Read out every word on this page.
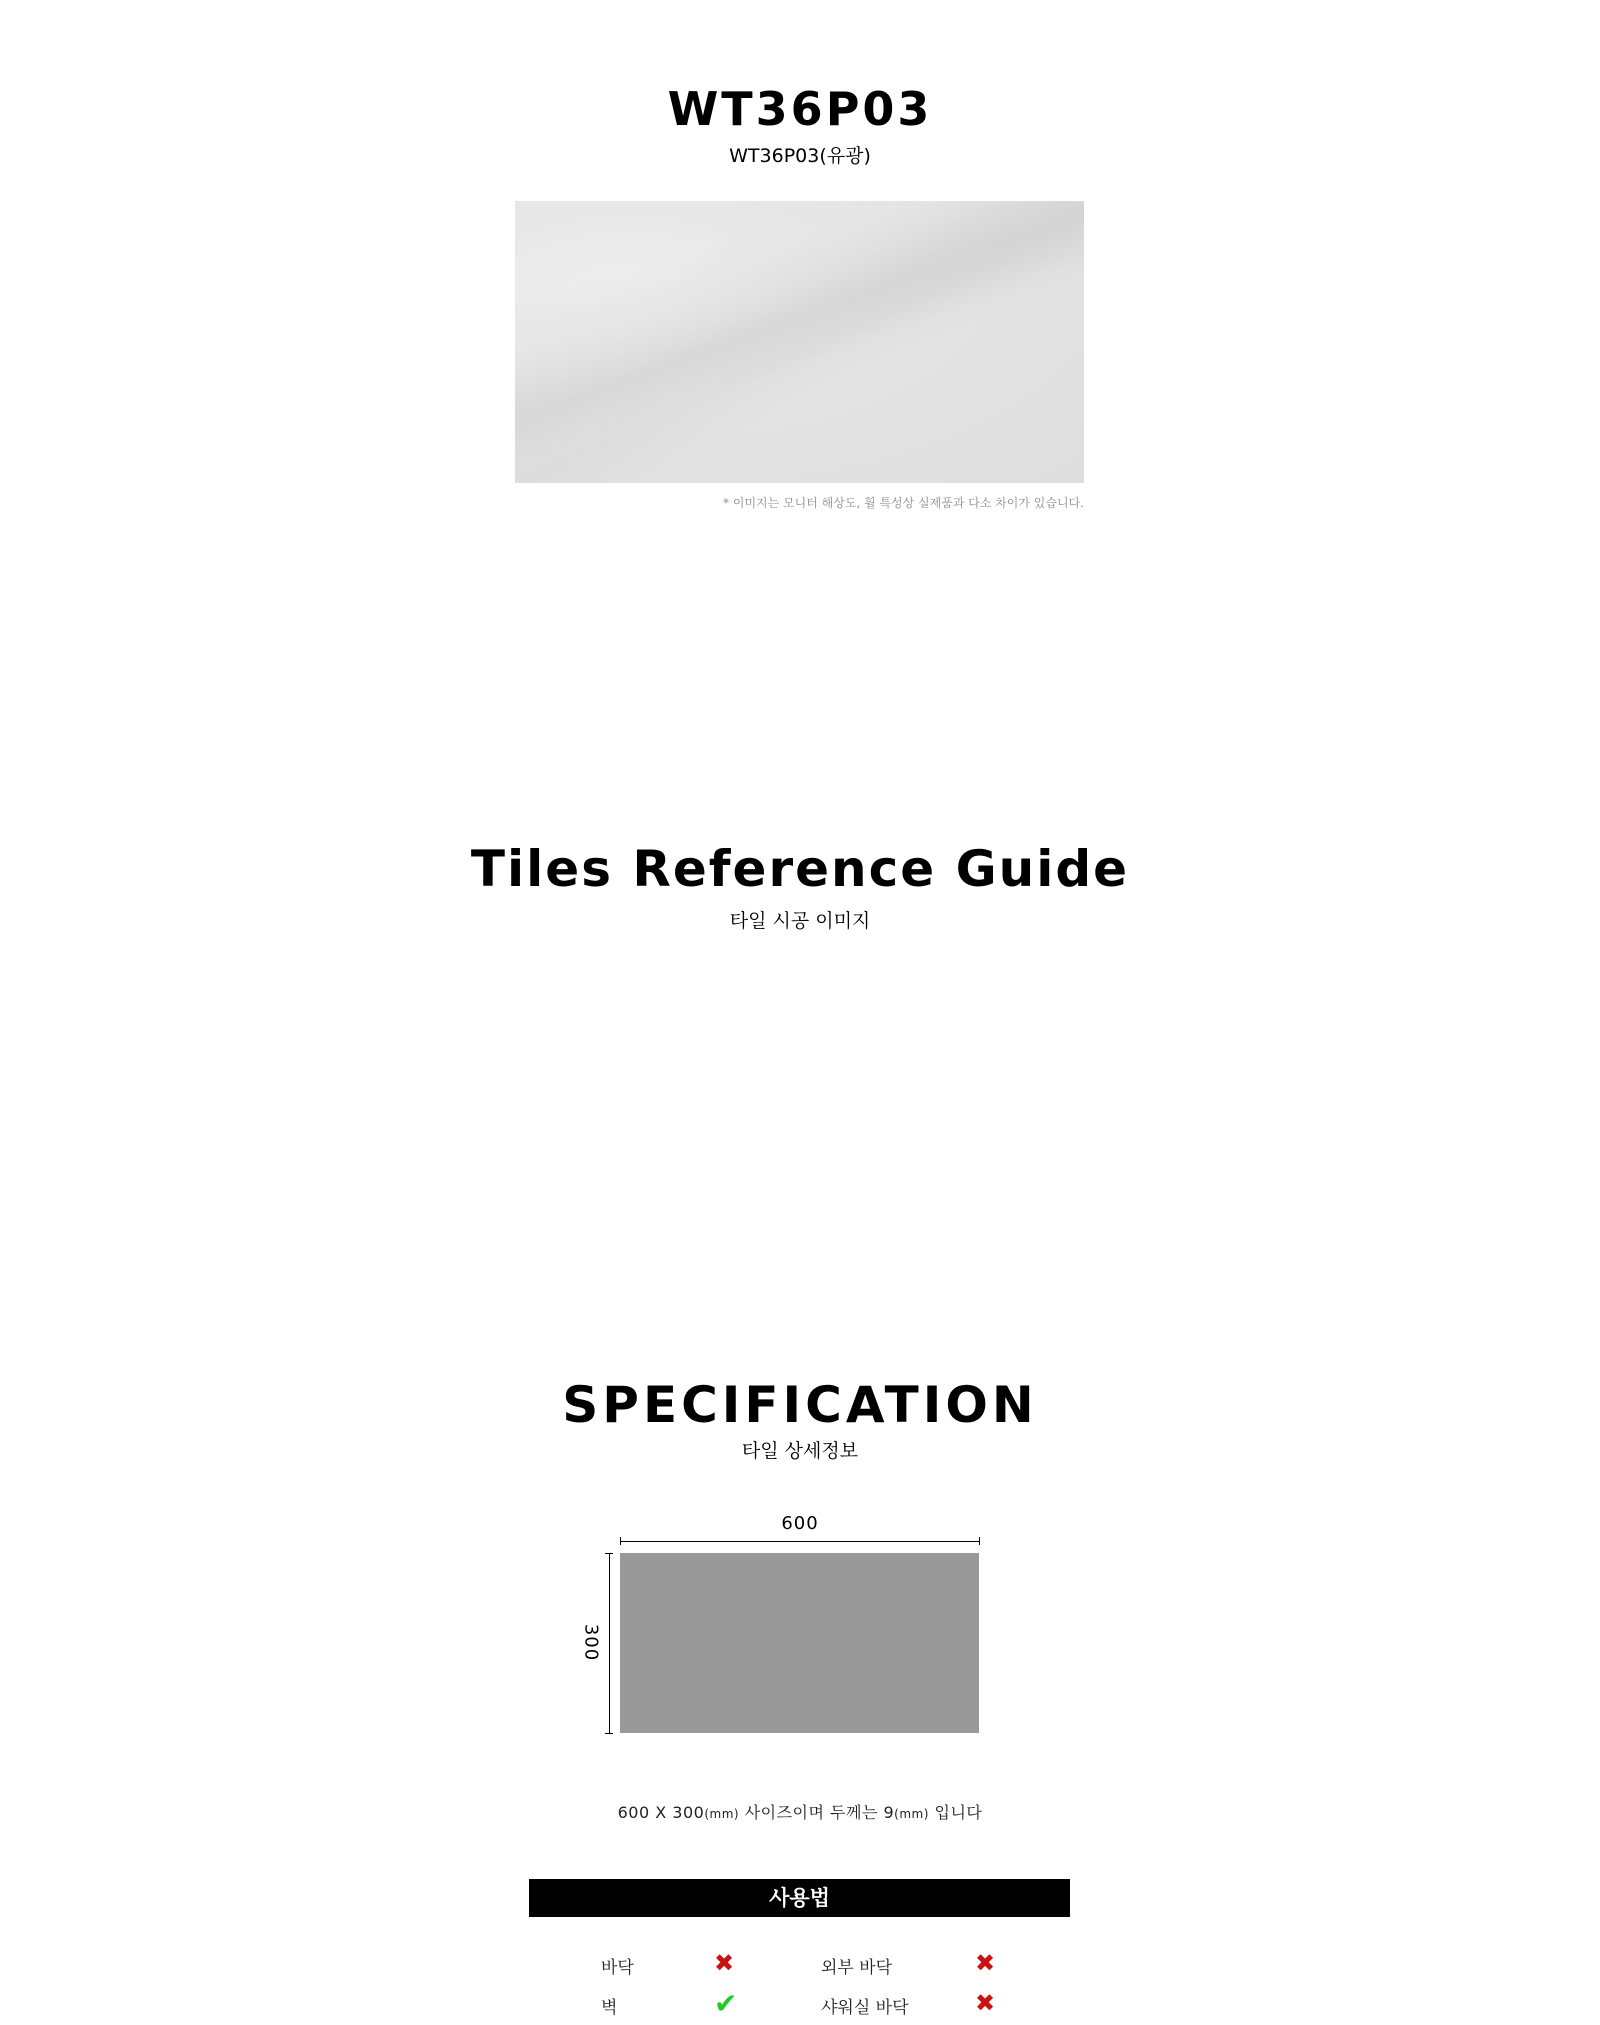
WT36P03
WT36P03(유광)
* 이미지는 모니터 해상도, 휠 특성상 실제품과 다소 차이가 있습니다.
Tiles Reference Guide
타일 시공 이미지
SPECIFICATION
타일 상세정보
600
300
600 X 300(mm) 사이즈이며 두께는 9(mm) 입니다
사용법
바닥	✖	외부 바닥	✖
벽	✔	샤워실 바닥	✖
